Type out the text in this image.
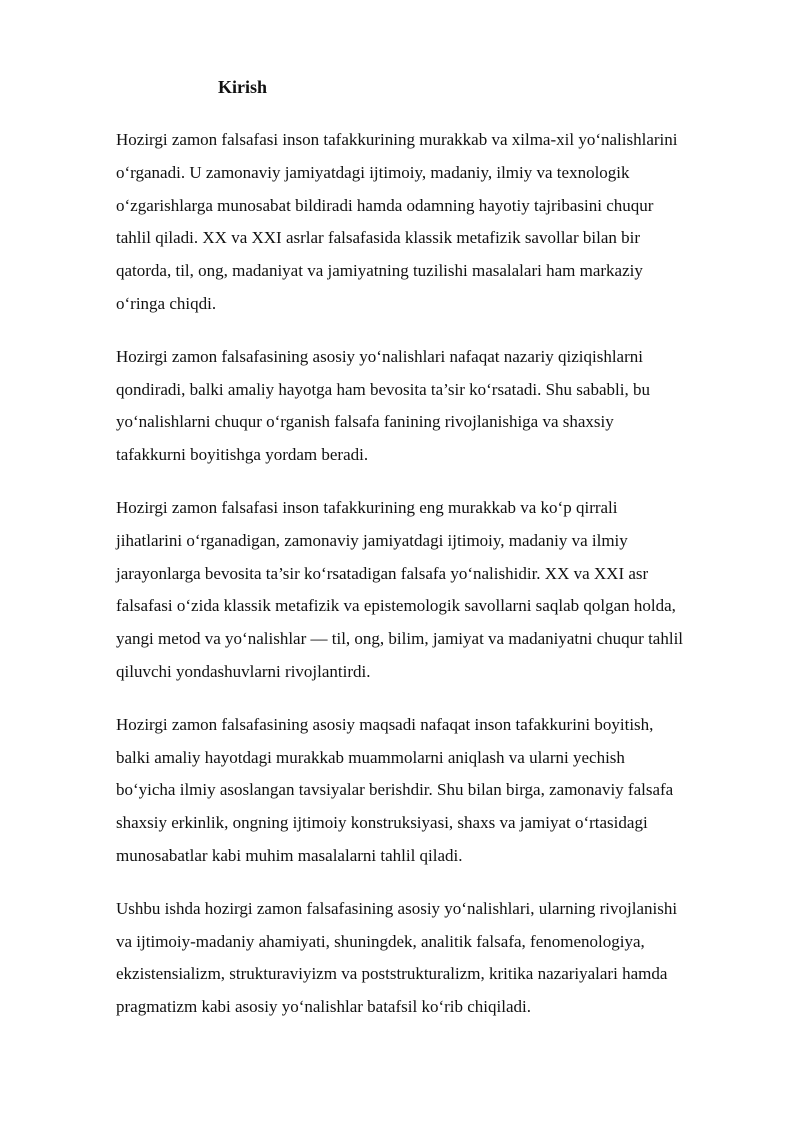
Kirish

Hozirgi zamon falsafasi inson tafakkurining murakkab va xilma-xil yo‘nalishlarini
o‘rganadi. U zamonaviy jamiyatdagi ijtimoiy, madaniy, ilmiy va texnologik
o‘zgarishlarga munosabat bildiradi hamda odamning hayotiy tajribasini chuqur
tahlil qiladi. XX va XXI asrlar falsafasida klassik metafizik savollar bilan bir
qatorda, til, ong, madaniyat va jamiyatning tuzilishi masalalari ham markaziy
o‘ringa chiqdi.

Hozirgi zamon falsafasining asosiy yo‘nalishlari nafaqat nazariy qiziqishlarni
qondiradi, balki amaliy hayotga ham bevosita ta’sir ko‘rsatadi. Shu sababli, bu
yo‘nalishlarni chuqur o‘rganish falsafa fanining rivojlanishiga va shaxsiy
tafakkurni boyitishga yordam beradi.

Hozirgi zamon falsafasi inson tafakkurining eng murakkab va ko‘p qirrali
jihatlarini o‘rganadigan, zamonaviy jamiyatdagi ijtimoiy, madaniy va ilmiy
jarayonlarga bevosita ta’sir ko‘rsatadigan falsafa yo‘nalishidir. XX va XXI asr
falsafasi o‘zida klassik metafizik va epistemologik savollarni saqlab qolgan holda,
yangi metod va yo‘nalishlar — til, ong, bilim, jamiyat va madaniyatni chuqur tahlil
qiluvchi yondashuvlarni rivojlantirdi.

Hozirgi zamon falsafasining asosiy maqsadi nafaqat inson tafakkurini boyitish,
balki amaliy hayotdagi murakkab muammolarni aniqlash va ularni yechish
bo‘yicha ilmiy asoslangan tavsiyalar berishdir. Shu bilan birga, zamonaviy falsafa
shaxsiy erkinlik, ongning ijtimoiy konstruksiyasi, shaxs va jamiyat o‘rtasidagi
munosabatlar kabi muhim masalalarni tahlil qiladi.

Ushbu ishda hozirgi zamon falsafasining asosiy yo‘nalishlari, ularning rivojlanishi
va ijtimoiy-madaniy ahamiyati, shuningdek, analitik falsafa, fenomenologiya,
ekzistensializm, strukturaviyizm va poststrukturalizm, kritika nazariyalari hamda
pragmatizm kabi asosiy yo‘nalishlar batafsil ko‘rib chiqiladi.
